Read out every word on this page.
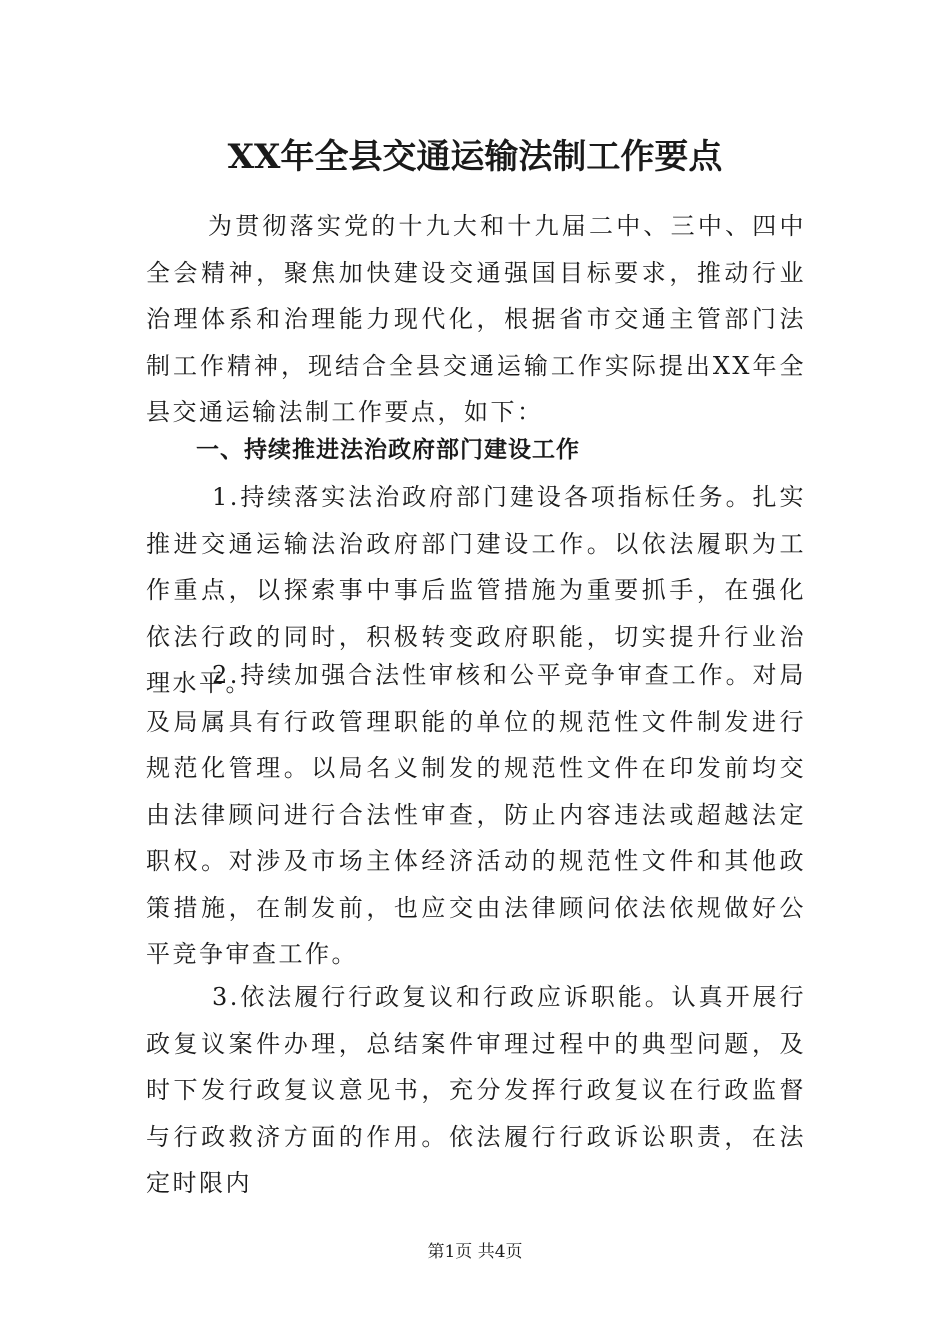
XX年全县交通运输法制工作要点

为贯彻落实党的十九大和十九届二中、三中、四中全会精神，聚焦加快建设交通强国目标要求，推动行业治理体系和治理能力现代化，根据省市交通主管部门法制工作精神，现结合全县交通运输工作实际提出XX年全县交通运输法制工作要点，如下：

一、持续推进法治政府部门建设工作

1.持续落实法治政府部门建设各项指标任务。扎实推进交通运输法治政府部门建设工作。以依法履职为工作重点，以探索事中事后监管措施为重要抓手，在强化依法行政的同时，积极转变政府职能，切实提升行业治理水平。

2.持续加强合法性审核和公平竞争审查工作。对局及局属具有行政管理职能的单位的规范性文件制发进行规范化管理。以局名义制发的规范性文件在印发前均交由法律顾问进行合法性审查，防止内容违法或超越法定职权。对涉及市场主体经济活动的规范性文件和其他政策措施，在制发前，也应交由法律顾问依法依规做好公平竞争审查工作。

3.依法履行行政复议和行政应诉职能。认真开展行政复议案件办理，总结案件审理过程中的典型问题，及时下发行政复议意见书，充分发挥行政复议在行政监督与行政救济方面的作用。依法履行行政诉讼职责，在法定时限内

第1页 共4页
